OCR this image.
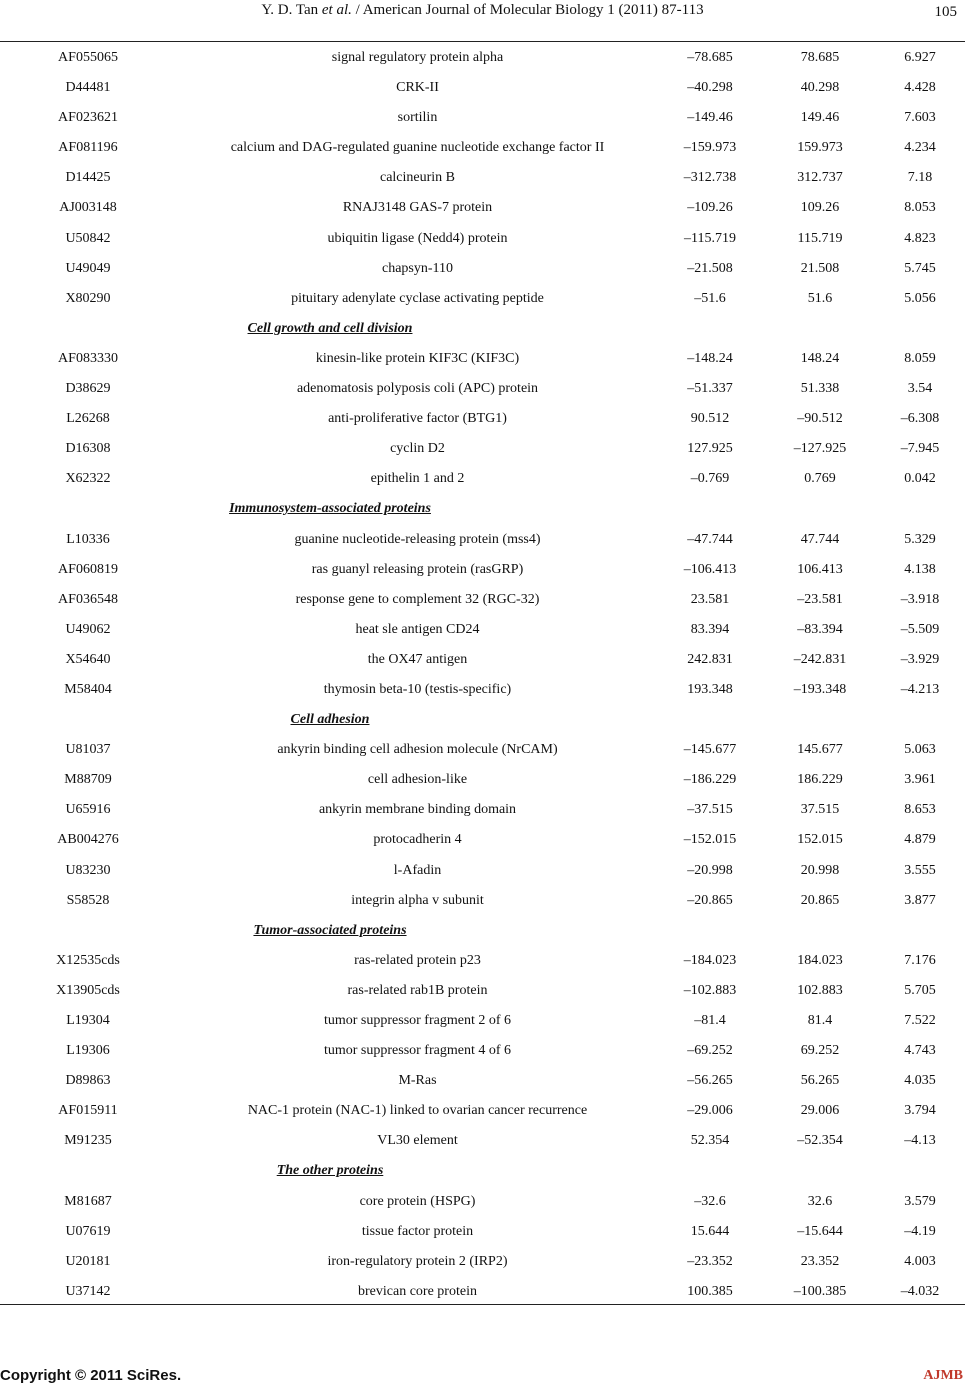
Y. D. Tan et al. / American Journal of Molecular Biology 1 (2011) 87-113	105
AF055065	signal regulatory protein alpha	–78.685	78.685	6.927
D44481	CRK-II	–40.298	40.298	4.428
AF023621	sortilin	–149.46	149.46	7.603
AF081196	calcium and DAG-regulated guanine nucleotide exchange factor II	–159.973	159.973	4.234
D14425	calcineurin B	–312.738	312.737	7.18
AJ003148	RNAJ3148 GAS-7 protein	–109.26	109.26	8.053
U50842	ubiquitin ligase (Nedd4) protein	–115.719	115.719	4.823
U49049	chapsyn-110	–21.508	21.508	5.745
X80290	pituitary adenylate cyclase activating peptide	–51.6	51.6	5.056
Cell growth and cell division
AF083330	kinesin-like protein KIF3C (KIF3C)	–148.24	148.24	8.059
D38629	adenomatosis polyposis coli (APC) protein	–51.337	51.338	3.54
L26268	anti-proliferative factor (BTG1)	90.512	–90.512	–6.308
D16308	cyclin D2	127.925	–127.925	–7.945
X62322	epithelin 1 and 2	–0.769	0.769	0.042
Immunosystem-associated proteins
L10336	guanine nucleotide-releasing protein (mss4)	–47.744	47.744	5.329
AF060819	ras guanyl releasing protein (rasGRP)	–106.413	106.413	4.138
AF036548	response gene to complement 32 (RGC-32)	23.581	–23.581	–3.918
U49062	heat sle antigen CD24	83.394	–83.394	–5.509
X54640	the OX47 antigen	242.831	–242.831	–3.929
M58404	thymosin beta-10 (testis-specific)	193.348	–193.348	–4.213
Cell adhesion
U81037	ankyrin binding cell adhesion molecule (NrCAM)	–145.677	145.677	5.063
M88709	cell adhesion-like	–186.229	186.229	3.961
U65916	ankyrin membrane binding domain	–37.515	37.515	8.653
AB004276	protocadherin 4	–152.015	152.015	4.879
U83230	l-Afadin	–20.998	20.998	3.555
S58528	integrin alpha v subunit	–20.865	20.865	3.877
Tumor-associated proteins
X12535cds	ras-related protein p23	–184.023	184.023	7.176
X13905cds	ras-related rab1B protein	–102.883	102.883	5.705
L19304	tumor suppressor fragment 2 of 6	–81.4	81.4	7.522
L19306	tumor suppressor fragment 4 of 6	–69.252	69.252	4.743
D89863	M-Ras	–56.265	56.265	4.035
AF015911	NAC-1 protein (NAC-1) linked to ovarian cancer recurrence	–29.006	29.006	3.794
M91235	VL30 element	52.354	–52.354	–4.13
The other proteins
M81687	core protein (HSPG)	–32.6	32.6	3.579
U07619	tissue factor protein	15.644	–15.644	–4.19
U20181	iron-regulatory protein 2 (IRP2)	–23.352	23.352	4.003
U37142	brevican core protein	100.385	–100.385	–4.032
Copyright © 2011 SciRes.	AJMB
